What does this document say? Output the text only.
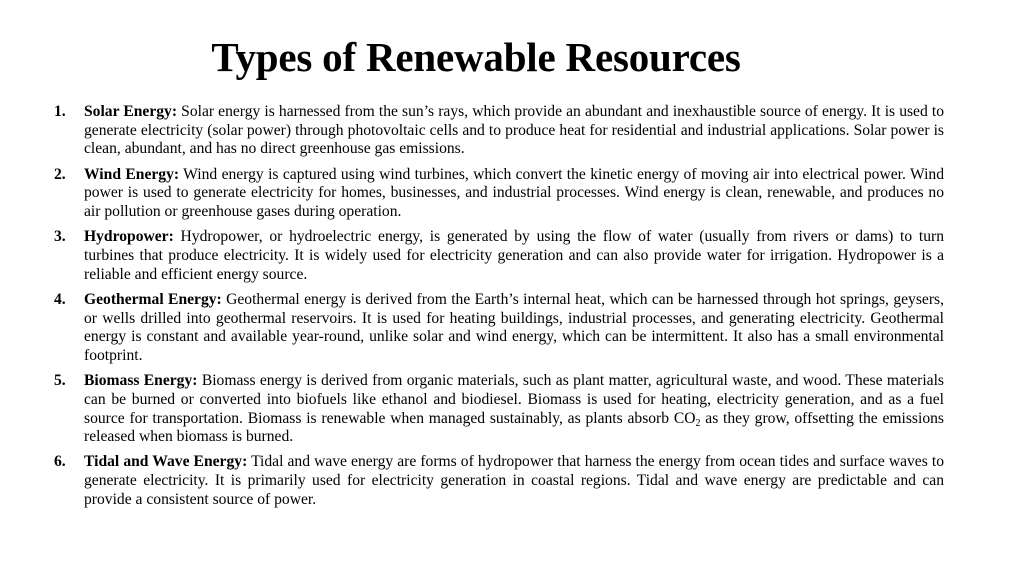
Types of Renewable Resources
1. Solar Energy: Solar energy is harnessed from the sun’s rays, which provide an abundant and inexhaustible source of energy. It is used to generate electricity (solar power) through photovoltaic cells and to produce heat for residential and industrial applications. Solar power is clean, abundant, and has no direct greenhouse gas emissions.
2. Wind Energy: Wind energy is captured using wind turbines, which convert the kinetic energy of moving air into electrical power. Wind power is used to generate electricity for homes, businesses, and industrial processes. Wind energy is clean, renewable, and produces no air pollution or greenhouse gases during operation.
3. Hydropower: Hydropower, or hydroelectric energy, is generated by using the flow of water (usually from rivers or dams) to turn turbines that produce electricity. It is widely used for electricity generation and can also provide water for irrigation. Hydropower is a reliable and efficient energy source.
4. Geothermal Energy: Geothermal energy is derived from the Earth’s internal heat, which can be harnessed through hot springs, geysers, or wells drilled into geothermal reservoirs. It is used for heating buildings, industrial processes, and generating electricity. Geothermal energy is constant and available year-round, unlike solar and wind energy, which can be intermittent. It also has a small environmental footprint.
5. Biomass Energy: Biomass energy is derived from organic materials, such as plant matter, agricultural waste, and wood. These materials can be burned or converted into biofuels like ethanol and biodiesel. Biomass is used for heating, electricity generation, and as a fuel source for transportation. Biomass is renewable when managed sustainably, as plants absorb $CO_2$ as they grow, offsetting the emissions released when biomass is burned.
6. Tidal and Wave Energy: Tidal and wave energy are forms of hydropower that harness the energy from ocean tides and surface waves to generate electricity. It is primarily used for electricity generation in coastal regions. Tidal and wave energy are predictable and can provide a consistent source of power.
